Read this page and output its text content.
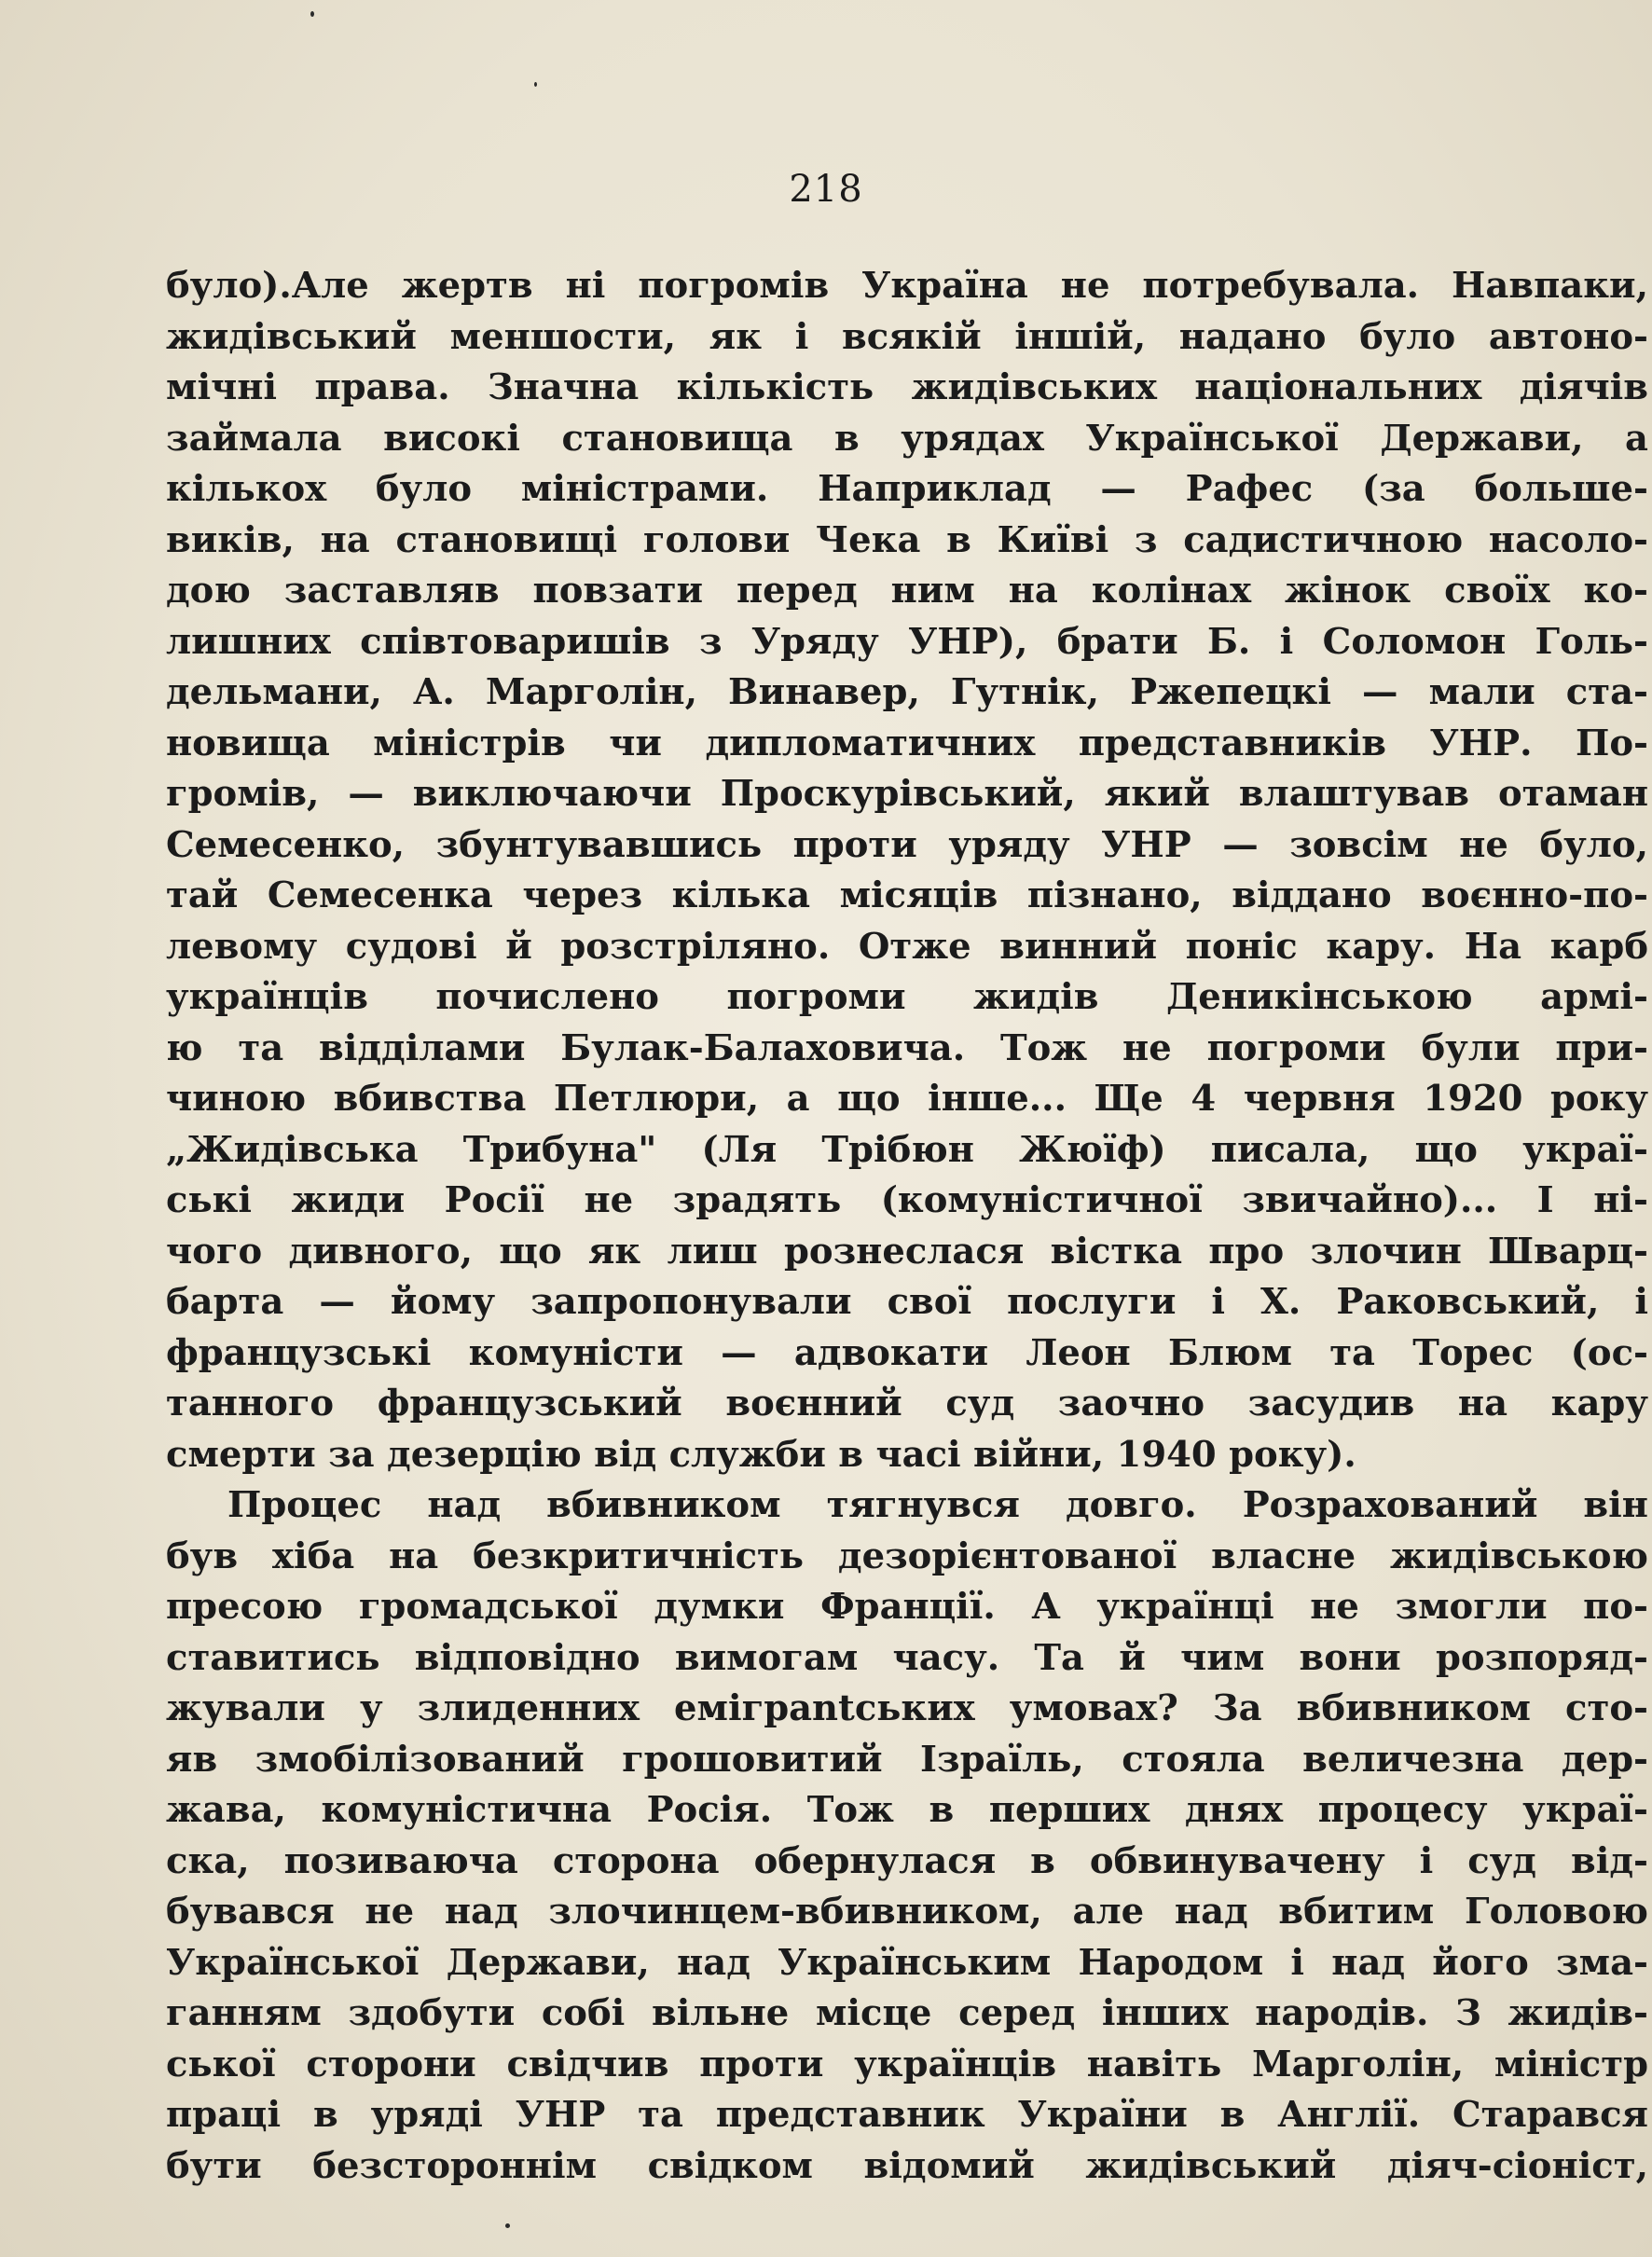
218
було).Але жертв ні погромів Україна не потребувала. Навпаки,
жидівський меншости, як і всякій іншій, надано було автоно-
мічні права. Значна кількість жидівських національних діячів
займала високі становища в урядах Української Держави, а
кількох було міністрами. Наприклад — Рафес (за больше-
виків, на становищі голови Чека в Київі з садистичною насоло-
дою заставляв повзати перед ним на колінах жінок своїх ко-
лишних співтоваришів з Уряду УНР), брати Б. і Соломон Голь-
дельмани, А. Марголін, Винавер, Гутнік, Ржепецкі — мали ста-
новища міністрів чи дипломатичних представників УНР. По-
громів, — виключаючи Проскурівський, який влаштував отаман
Семесенко, збунтувавшись проти уряду УНР — зовсім не було,
тай Семесенка через кілька місяців пізнано, віддано воєнно-по-
левому судові й розстріляно. Отже винний поніс кару. На карб
українців почислено погроми жидів Деникінською армі-
ю та відділами Булак-Балаховича. Тож не погроми були при-
чиною вбивства Петлюри, а що інше... Ще 4 червня 1920 року
„Жидівська Трибуна" (Ля Трібюн Жюїф) писала, що украї-
ські жиди Росії не зрадять (комуністичної звичайно)... І ні-
чого дивного, що як лиш рознеслася вістка про злочин Шварц-
барта — йому запропонували свої послуги і Х. Раковський, і
французські комуністи — адвокати Леон Блюм та Торес (ос-
танного французський воєнний суд заочно засудив на кару
смерти за дезерцію від служби в часі війни, 1940 року).
Процес над вбивником тягнувся довго. Розрахований він
був хіба на безкритичність дезорієнтованої власне жидівською
пресою громадської думки Франції. А українці не змогли по-
ставитись відповідно вимогам часу. Та й чим вони розпоряд-
жували у злиденних еміграntських умовах? За вбивником сто-
яв змобілізований грошовитий Ізраїль, стояла величезна дер-
жава, комуністична Росія. Тож в перших днях процесу украї-
ска, позиваюча сторона обернулася в обвинувачену і суд від-
бувався не над злочинцем-вбивником, але над вбитим Головою
Української Держави, над Українським Народом і над його зма-
ганням здобути собі вільне місце серед інших народів. З жидів-
ської сторони свідчив проти українців навіть Марголін, міністр
праці в уряді УНР та представник України в Англії. Старався
бути безстороннім свідком відомий жидівський діяч-сіоніст,
